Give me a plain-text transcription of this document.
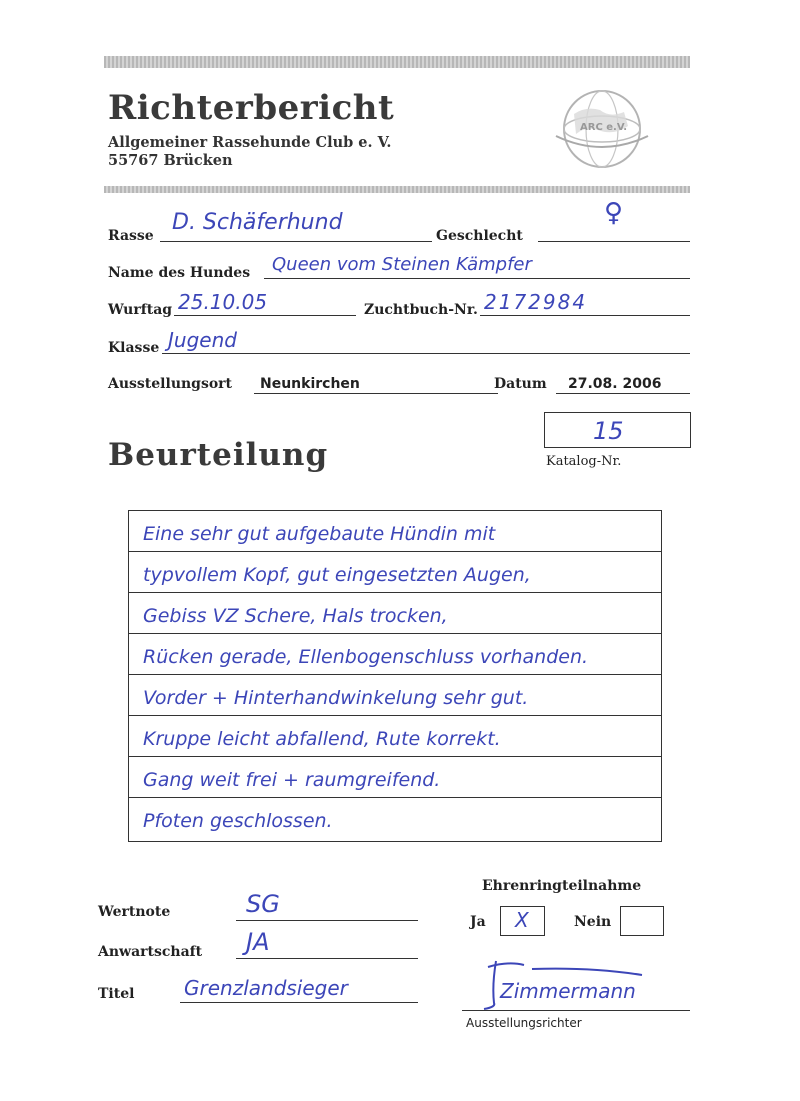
Richterbericht
Allgemeiner Rassehunde Club e. V.
55767 Brücken
ARC e.V.
Rasse
D. Schäferhund
Geschlecht
♀
Name des Hundes Queen vom Steinen Kämpfer
Wurftag 25.10.05	Zuchtbuch-Nr. 2172984
Klasse Jugend
Ausstellungsort Neunkirchen	Datum 27.08. 2006
Beurteilung
15
Katalog-Nr.
Eine sehr gut aufgebaute Hündin mit
typvollem Kopf, gut eingesetzten Augen,
Gebiss VZ Schere, Hals trocken,
Rücken gerade, Ellenbogenschluss vorhanden.
Vorder + Hinterhandwinkelung sehr gut.
Kruppe leicht abfallend, Rute korrekt.
Gang weit frei + raumgreifend.
Pfoten geschlossen.
Wertnote	SG
Anwartschaft JA
Titel Grenzlandsieger
Ehrenringteilnahme
Ja X	Nein
Zimmermann
Ausstellungsrichter
